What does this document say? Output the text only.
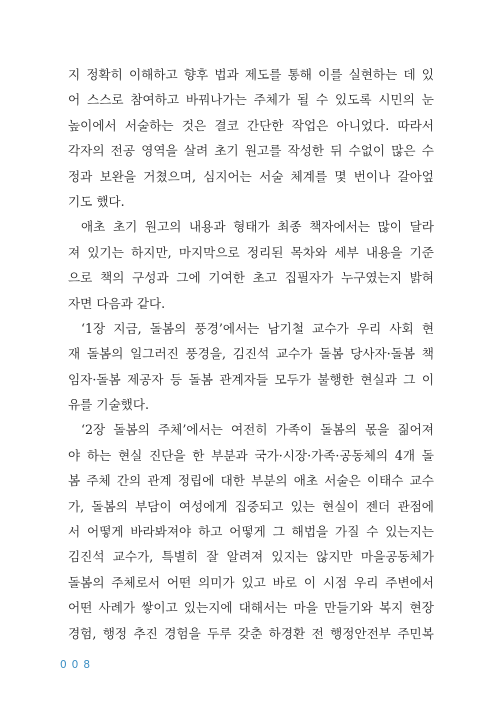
지 정확히 이해하고 향후 법과 제도를 통해 이를 실현하는 데 있
어 스스로 참여하고 바꿔나가는 주체가 될 수 있도록 시민의 눈
높이에서 서술하는 것은 결코 간단한 작업은 아니었다. 따라서
각자의 전공 영역을 살려 초기 원고를 작성한 뒤 수없이 많은 수
정과 보완을 거쳤으며, 심지어는 서술 체계를 몇 번이나 갈아엎
기도 했다.
애초 초기 원고의 내용과 형태가 최종 책자에서는 많이 달라
져 있기는 하지만, 마지막으로 정리된 목차와 세부 내용을 기준
으로 책의 구성과 그에 기여한 초고 집필자가 누구였는지 밝혀
자면 다음과 같다.
‘1장 지금, 돌봄의 풍경’에서는 남기철 교수가 우리 사회 현
재 돌봄의 일그러진 풍경을, 김진석 교수가 돌봄 당사자·돌봄 책
임자·돌봄 제공자 등 돌봄 관계자들 모두가 불행한 현실과 그 이
유를 기술했다.
‘2장 돌봄의 주체’에서는 여전히 가족이 돌봄의 몫을 짊어져
야 하는 현실 진단을 한 부분과 국가·시장·가족·공동체의 4개 돌
봄 주체 간의 관계 정립에 대한 부분의 애초 서술은 이태수 교수
가, 돌봄의 부담이 여성에게 집중되고 있는 현실이 젠더 관점에
서 어떻게 바라봐져야 하고 어떻게 그 해법을 가질 수 있는지는
김진석 교수가, 특별히 잘 알려져 있지는 않지만 마을공동체가
돌봄의 주체로서 어떤 의미가 있고 바로 이 시점 우리 주변에서
어떤 사례가 쌓이고 있는지에 대해서는 마을 만들기와 복지 현장
경험, 행정 추진 경험을 두루 갖춘 하경환 전 행정안전부 주민복
008
